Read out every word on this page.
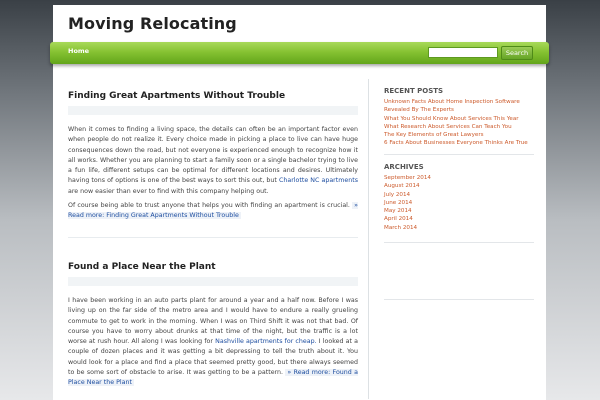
Moving Relocating
Home	Search
Finding Great Apartments Without Trouble

When it comes to finding a living space, the details can often be an important factor even when people do not realize it. Every choice made in picking a place to live can have huge consequences down the road, but not everyone is experienced enough to recognize how it all works. Whether you are planning to start a family soon or a single bachelor trying to live a fun life, different setups can be optimal for different locations and desires. Ultimately having tons of options is one of the best ways to sort this out, but Charlotte NC apartments are now easier than ever to find with this company helping out.

Of course being able to trust anyone that helps you with finding an apartment is crucial. » Read more: Finding Great Apartments Without Trouble

Found a Place Near the Plant

I have been working in an auto parts plant for around a year and a half now. Before I was living up on the far side of the metro area and I would have to endure a really grueling commute to get to work in the morning. When I was on Third Shift it was not that bad. Of course you have to worry about drunks at that time of the night, but the traffic is a lot worse at rush hour. All along I was looking for Nashville apartments for cheap. I looked at a couple of dozen places and it was getting a bit depressing to tell the truth about it. You would look for a place and find a place that seemed pretty good, but there always seemed to be some sort of obstacle to arise. It was getting to be a pattern. » Read more: Found a Place Near the Plant

RECENT POSTS
Unknown Facts About Home Inspection Software Revealed By The Experts
What You Should Know About Services This Year
What Research About Services Can Teach You
The Key Elements of Great Lawyers
6 Facts About Businesses Everyone Thinks Are True
ARCHIVES
September 2014
August 2014
July 2014
June 2014
May 2014
April 2014
March 2014
